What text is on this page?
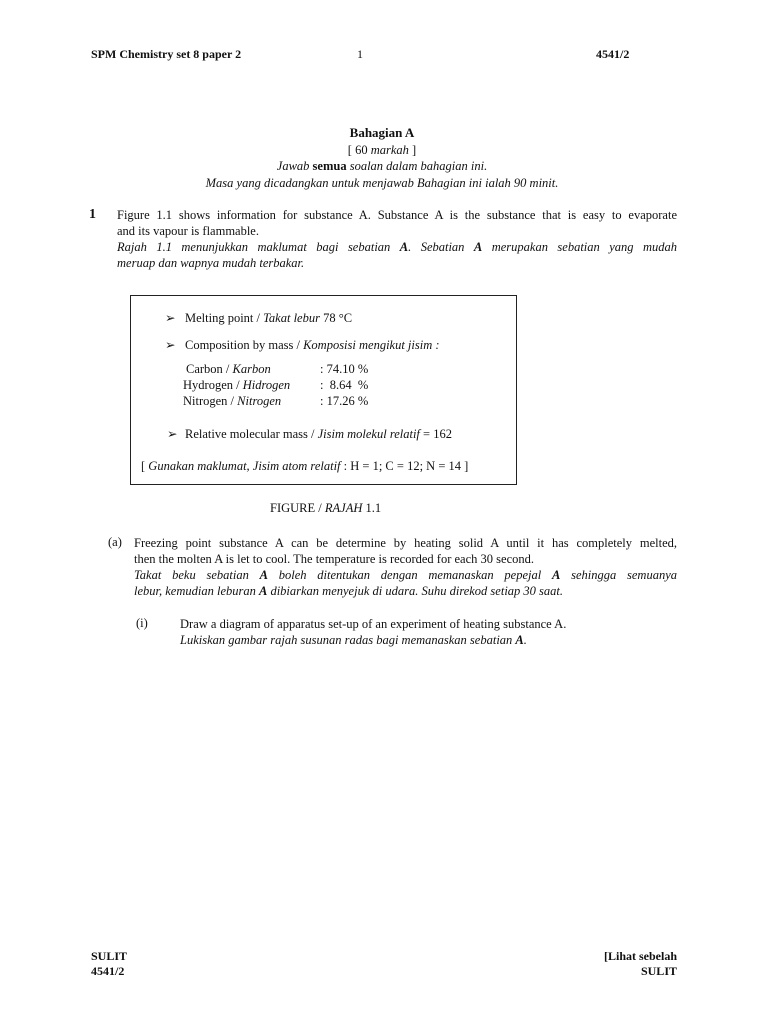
SPM Chemistry set 8 paper 2	1	4541/2
Bahagian A
[ 60 markah ]
Jawab semua soalan dalam bahagian ini.
Masa yang dicadangkan untuk menjawab Bahagian ini ialah 90 minit.
1 Figure 1.1 shows information for substance A. Substance A is the substance that is easy to evaporate
and its vapour is flammable.
Rajah 1.1 menunjukkan maklumat bagi sebatian A. Sebatian A merupakan sebatian yang mudah
meruap dan wapnya mudah terbakar.
➢ Melting point / Takat lebur 78 °C
➢ Composition by mass / Komposisi mengikut jisim :
Carbon / Karbon	: 74.10 %
Hydrogen / Hidrogen :  8.64  %
Nitrogen / Nitrogen	: 17.26 %
➢ Relative molecular mass / Jisim molekul relatif = 162
[ Gunakan maklumat, Jisim atom relatif : H = 1; C = 12; N = 14 ]
FIGURE / RAJAH 1.1
(a) Freezing point substance A can be determine by heating solid A until it has completely melted,
then the molten A is let to cool. The temperature is recorded for each 30 second.
Takat beku sebatian A boleh ditentukan dengan memanaskan pepejal A sehingga semuanya
lebur, kemudian leburan A dibiarkan menyejuk di udara. Suhu direkod setiap 30 saat.
(i)	Draw a diagram of apparatus set-up of an experiment of heating substance A.
Lukiskan gambar rajah susunan radas bagi memanaskan sebatian A.
SULIT
4541/2
[Lihat sebelah
SULIT
